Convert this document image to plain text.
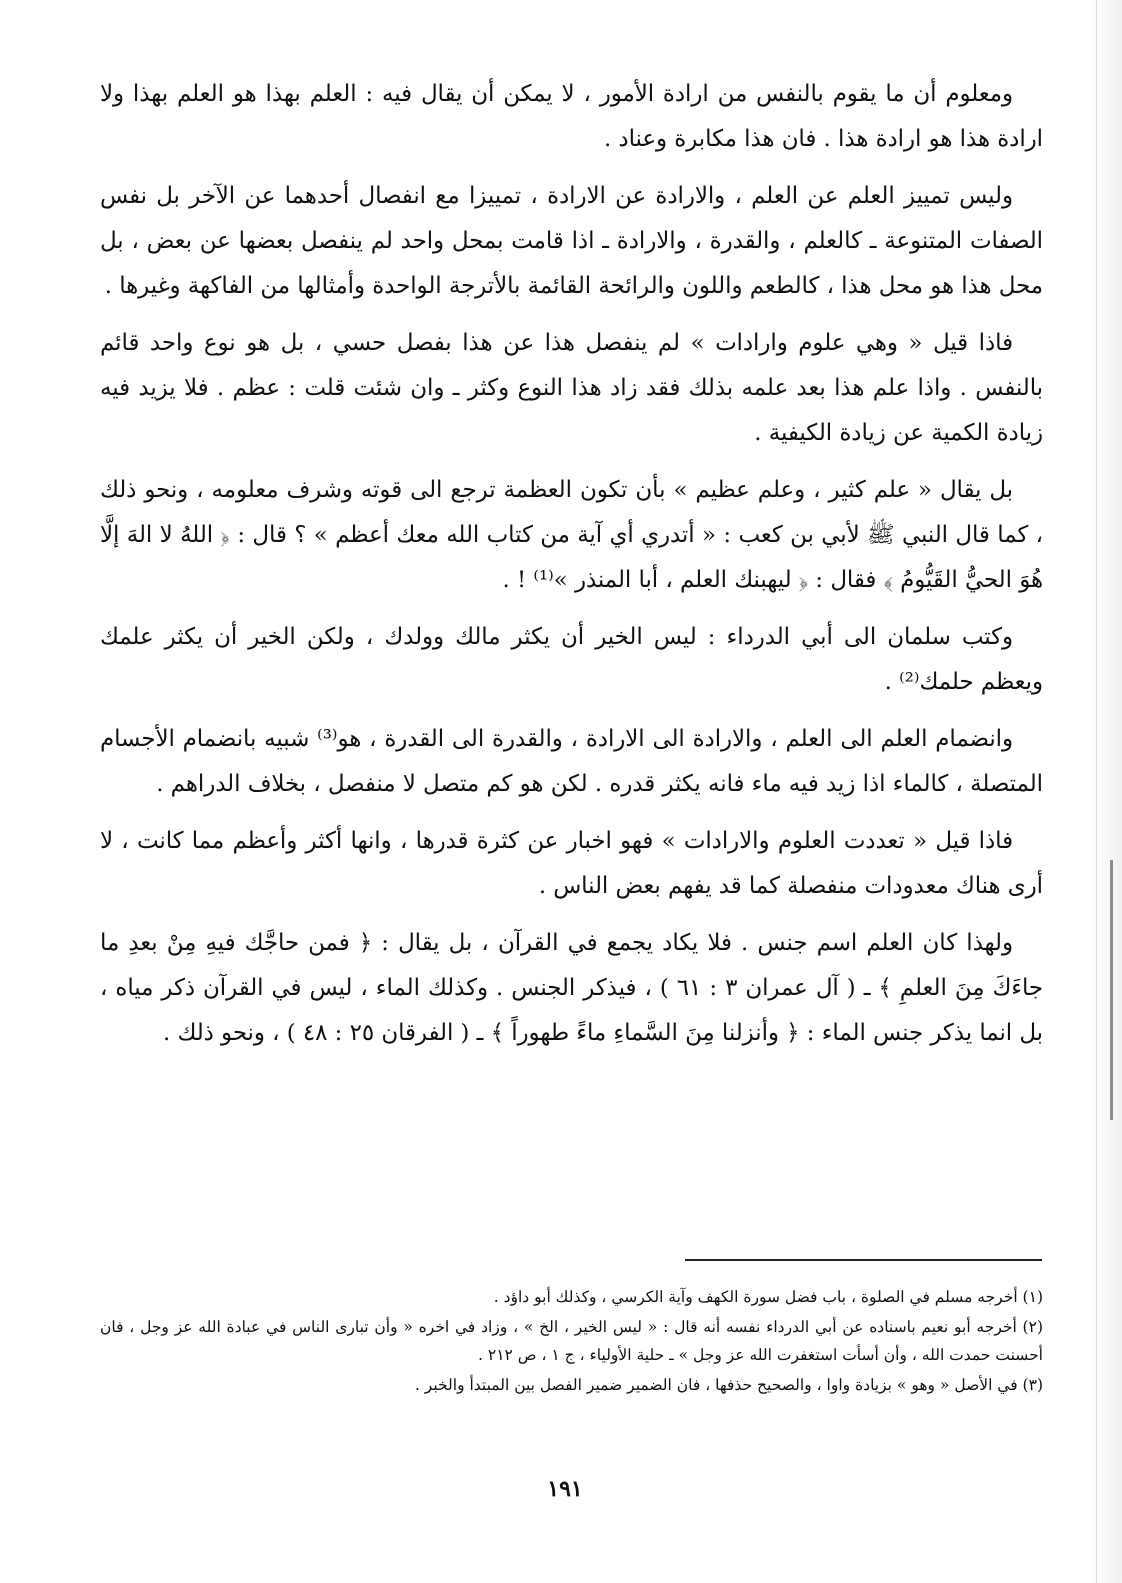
ومعلوم أن ما يقوم بالنفس من ارادة الأمور ، لا يمكن أن يقال فيه : العلم بهذا هو العلم بهذا ولا ارادة هذا هو ارادة هذا . فان هذا مكابرة وعناد .

وليس تمييز العلم عن العلم ، والارادة عن الارادة ، تمييزا مع انفصال أحدهما عن الآخر بل نفس الصفات المتنوعة ـ كالعلم ، والقدرة ، والارادة ـ اذا قامت بمحل واحد لم ينفصل بعضها عن بعض ، بل محل هذا هو محل هذا ، كالطعم واللون والرائحة القائمة بالأترجة الواحدة وأمثالها من الفاكهة وغيرها .

فاذا قيل « وهي علوم وارادات » لم ينفصل هذا عن هذا بفصل حسي ، بل هو نوع واحد قائم بالنفس . واذا علم هذا بعد علمه بذلك فقد زاد هذا النوع وكثر ـ وان شئت قلت : عظم . فلا يزيد فيه زيادة الكمية عن زيادة الكيفية .

بل يقال « علم كثير ، وعلم عظيم » بأن تكون العظمة ترجع الى قوته وشرف معلومه ، ونحو ذلك ، كما قال النبي ﷺ لأبي بن كعب : « أتدري أي آية من كتاب الله معك أعظم » ؟ قال : ﴿ اللهُ لا الهَ إلَّا هُوَ الحيُّ القَيُّومُ ﴾ فقال : ﴿ ليهبنك العلم ، أبا المنذر »⁽¹⁾ ! .

وكتب سلمان الى أبي الدرداء : ليس الخير أن يكثر مالك وولدك ، ولكن الخير أن يكثر علمك ويعظم حلمك⁽²⁾ .

وانضمام العلم الى العلم ، والارادة الى الارادة ، والقدرة الى القدرة ، هو⁽³⁾ شبيه بانضمام الأجسام المتصلة ، كالماء اذا زيد فيه ماء فانه يكثر قدره . لكن هو كم متصل لا منفصل ، بخلاف الدراهم .

فاذا قيل « تعددت العلوم والارادات » فهو اخبار عن كثرة قدرها ، وانها أكثر وأعظم مما كانت ، لا أرى هناك معدودات منفصلة كما قد يفهم بعض الناس .

ولهذا كان العلم اسم جنس . فلا يكاد يجمع في القرآن ، بل يقال : ﴿ فمن حاجَّك فيهِ مِنْ بعدِ ما جاءَكَ مِنَ العلمِ ﴾ ـ ( آل عمران ٣ : ٦١ ) ، فيذكر الجنس . وكذلك الماء ، ليس في القرآن ذكر مياه ، بل انما يذكر جنس الماء : ﴿ وأنزلنا مِنَ السَّماءِ ماءً طهوراً ﴾ ـ ( الفرقان ٢٥ : ٤٨ ) ، ونحو ذلك .

(١) أخرجه مسلم في الصلوة ، باب فضل سورة الكهف وآية الكرسي ، وكذلك أبو داؤد .

(٢) أخرجه أبو نعيم باسناده عن أبي الدرداء نفسه أنه قال : « ليس الخير ، الخ » ، وزاد في اخره « وأن تبارى الناس في عبادة الله عز وجل ، فان أحسنت حمدت الله ، وأن أسأت استغفرت الله عز وجل » ـ حلية الأولياء ، ج ١ ، ص ٢١٢ .

(٣) في الأصل « وهو » بزيادة واوا ، والصحيح حذفها ، فان الضمير ضمير الفصل بين المبتدأ والخبر .

١٩١
